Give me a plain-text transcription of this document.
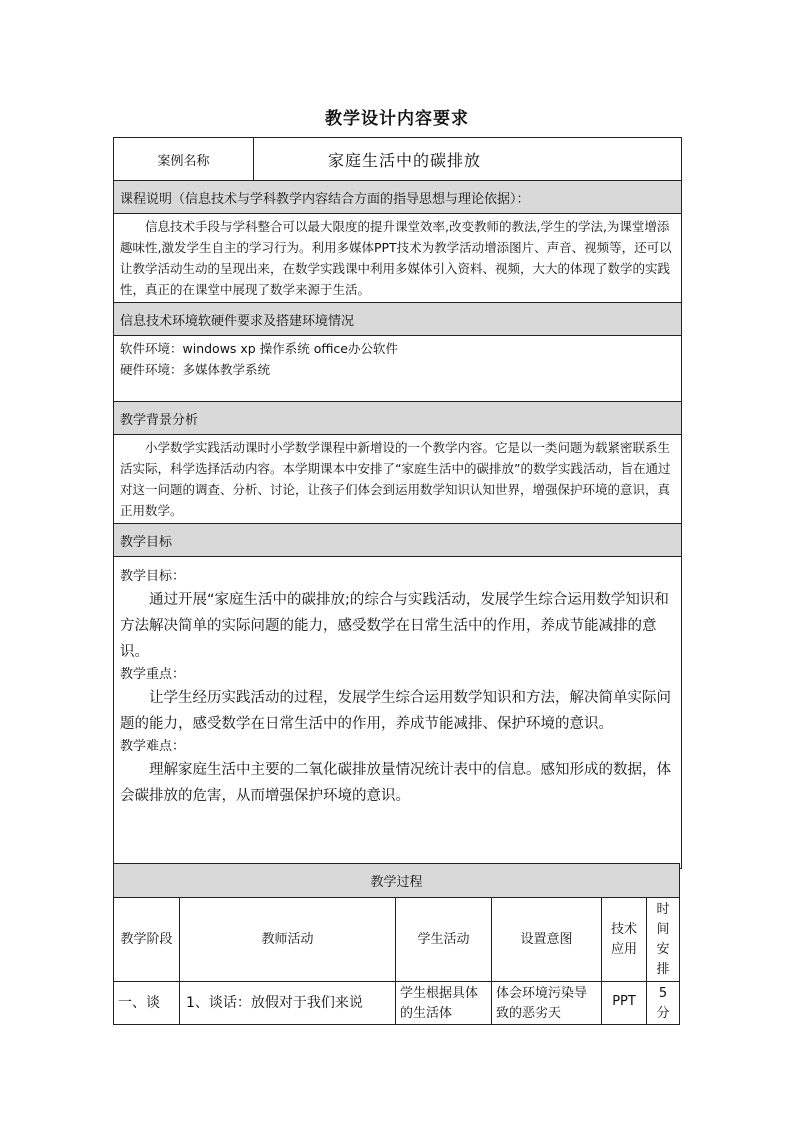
教学设计内容要求
案例名称	家庭生活中的碳排放
课程说明（信息技术与学科教学内容结合方面的指导思想与理论依据）：
信息技术手段与学科整合可以最大限度的提升课堂效率,改变教师的教法,学生的学法,为课堂增添趣味性,激发学生自主的学习行为。利用多媒体PPT技术为教学活动增添图片、声音、视频等，还可以让教学活动生动的呈现出来，在数学实践课中利用多媒体引入资料、视频，大大的体现了数学的实践性，真正的在课堂中展现了数学来源于生活。
信息技术环境软硬件要求及搭建环境情况

软件环境：windows xp 操作系统 office办公软件
硬件环境：多媒体教学系统

教学背景分析
小学数学实践活动课时小学数学课程中新增设的一个教学内容。它是以一类问题为载紧密联系生活实际，科学选择活动内容。本学期课本中安排了“家庭生活中的碳排放”的数学实践活动，旨在通过对这一问题的调查、分析、讨论，让孩子们体会到运用数学知识认知世界，增强保护环境的意识，真正用数学。
教学目标

教学目标：
通过开展“家庭生活中的碳排放;的综合与实践活动，发展学生综合运用数学知识和方法解决简单的实际问题的能力，感受数学在日常生活中的作用，养成节能减排的意识。
教学重点：
让学生经历实践活动的过程，发展学生综合运用数学知识和方法，解决简单实际问题的能力，感受数学在日常生活中的作用，养成节能减排、保护环境的意识。
教学难点：
理解家庭生活中主要的二氧化碳排放量情况统计表中的信息。感知形成的数据，体会碳排放的危害，从而增强保护环境的意识。
教学过程					
教学阶段	教师活动	学生活动	设置意图	技术应用	时间安排
一、谈	1、谈话：放假对于我们来说	学生根据具体的生活体	体会环境污染导致的恶劣天	PPT	5分
